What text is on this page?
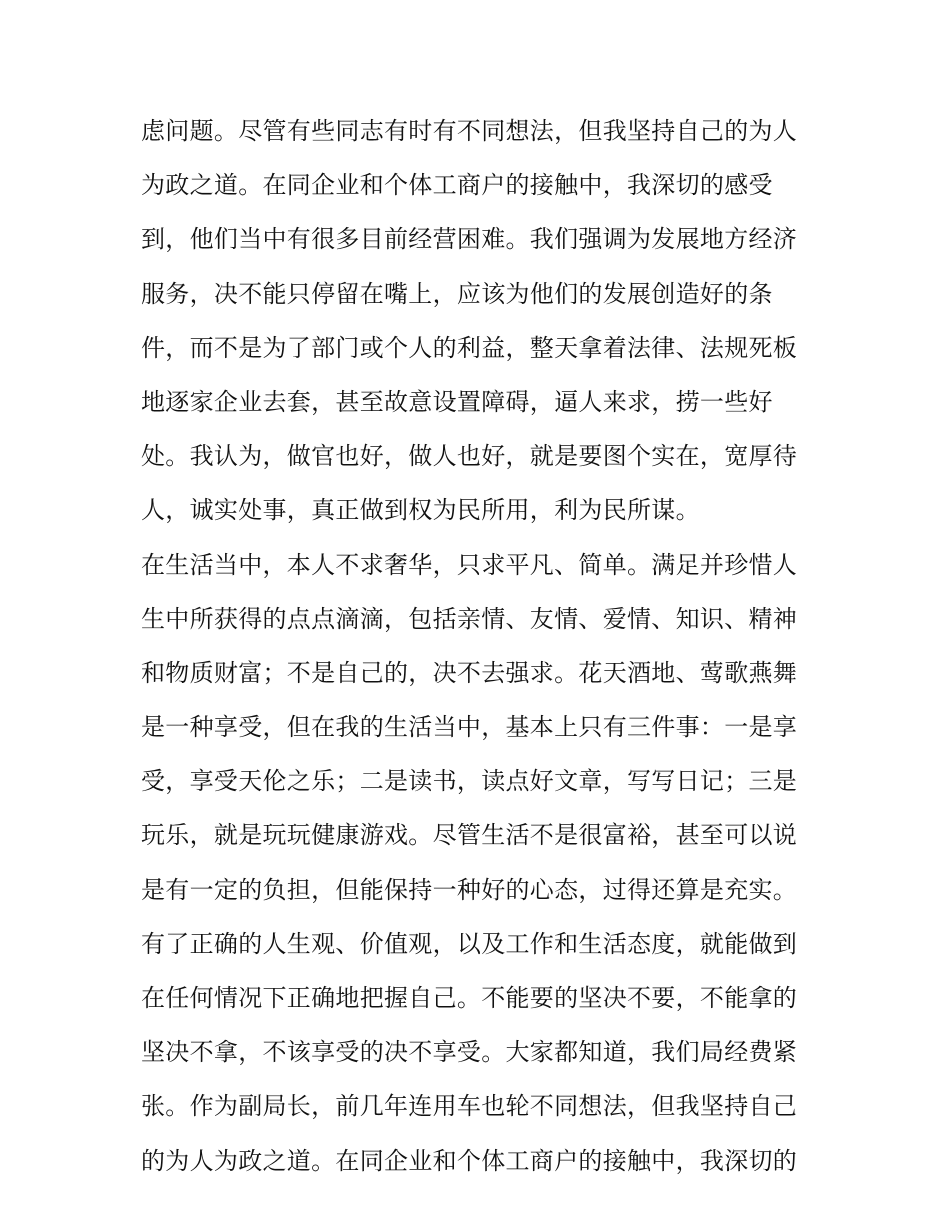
虑问题。尽管有些同志有时有不同想法，但我坚持自己的为人
为政之道。在同企业和个体工商户的接触中，我深切的感受
到，他们当中有很多目前经营困难。我们强调为发展地方经济
服务，决不能只停留在嘴上，应该为他们的发展创造好的条
件，而不是为了部门或个人的利益，整天拿着法律、法规死板
地逐家企业去套，甚至故意设置障碍，逼人来求，捞一些好
处。我认为，做官也好，做人也好，就是要图个实在，宽厚待
人，诚实处事，真正做到权为民所用，利为民所谋。
在生活当中，本人不求奢华，只求平凡、简单。满足并珍惜人
生中所获得的点点滴滴，包括亲情、友情、爱情、知识、精神
和物质财富；不是自己的，决不去强求。花天酒地、莺歌燕舞
是一种享受，但在我的生活当中，基本上只有三件事：一是享
受，享受天伦之乐；二是读书，读点好文章，写写日记；三是
玩乐，就是玩玩健康游戏。尽管生活不是很富裕，甚至可以说
是有一定的负担，但能保持一种好的心态，过得还算是充实。
有了正确的人生观、价值观，以及工作和生活态度，就能做到
在任何情况下正确地把握自己。不能要的坚决不要，不能拿的
坚决不拿，不该享受的决不享受。大家都知道，我们局经费紧
张。作为副局长，前几年连用车也轮不同想法，但我坚持自己
的为人为政之道。在同企业和个体工商户的接触中，我深切的
